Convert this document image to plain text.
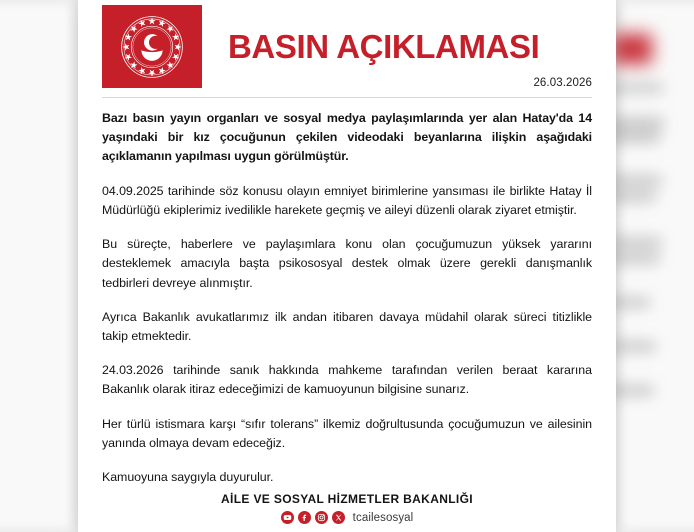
BASIN AÇIKLAMASI
26.03.2026

Bazı basın yayın organları ve sosyal medya paylaşımlarında yer alan Hatay'da 14 yaşındaki bir kız çocuğunun çekilen videodaki beyanlarına ilişkin aşağıdaki açıklamanın yapılması uygun görülmüştür.

04.09.2025 tarihinde söz konusu olayın emniyet birimlerine yansıması ile birlikte Hatay İl Müdürlüğü ekiplerimiz ivedilikle harekete geçmiş ve aileyi düzenli olarak ziyaret etmiştir.

Bu süreçte, haberlere ve paylaşımlara konu olan çocuğumuzun yüksek yararını desteklemek amacıyla başta psikososyal destek olmak üzere gerekli danışmanlık tedbirleri devreye alınmıştır.

Ayrıca Bakanlık avukatlarımız ilk andan itibaren davaya müdahil olarak süreci titizlikle takip etmektedir.

24.03.2026 tarihinde sanık hakkında mahkeme tarafından verilen beraat kararına Bakanlık olarak itiraz edeceğimizi de kamuoyunun bilgisine sunarız.

Her türlü istismara karşı “sıfır tolerans” ilkemiz doğrultusunda çocuğumuzun ve ailesinin yanında olmaya devam edeceğiz.

Kamuoyuna saygıyla duyurulur.

AİLE VE SOSYAL HİZMETLER BAKANLIĞI
tcailesosyal
